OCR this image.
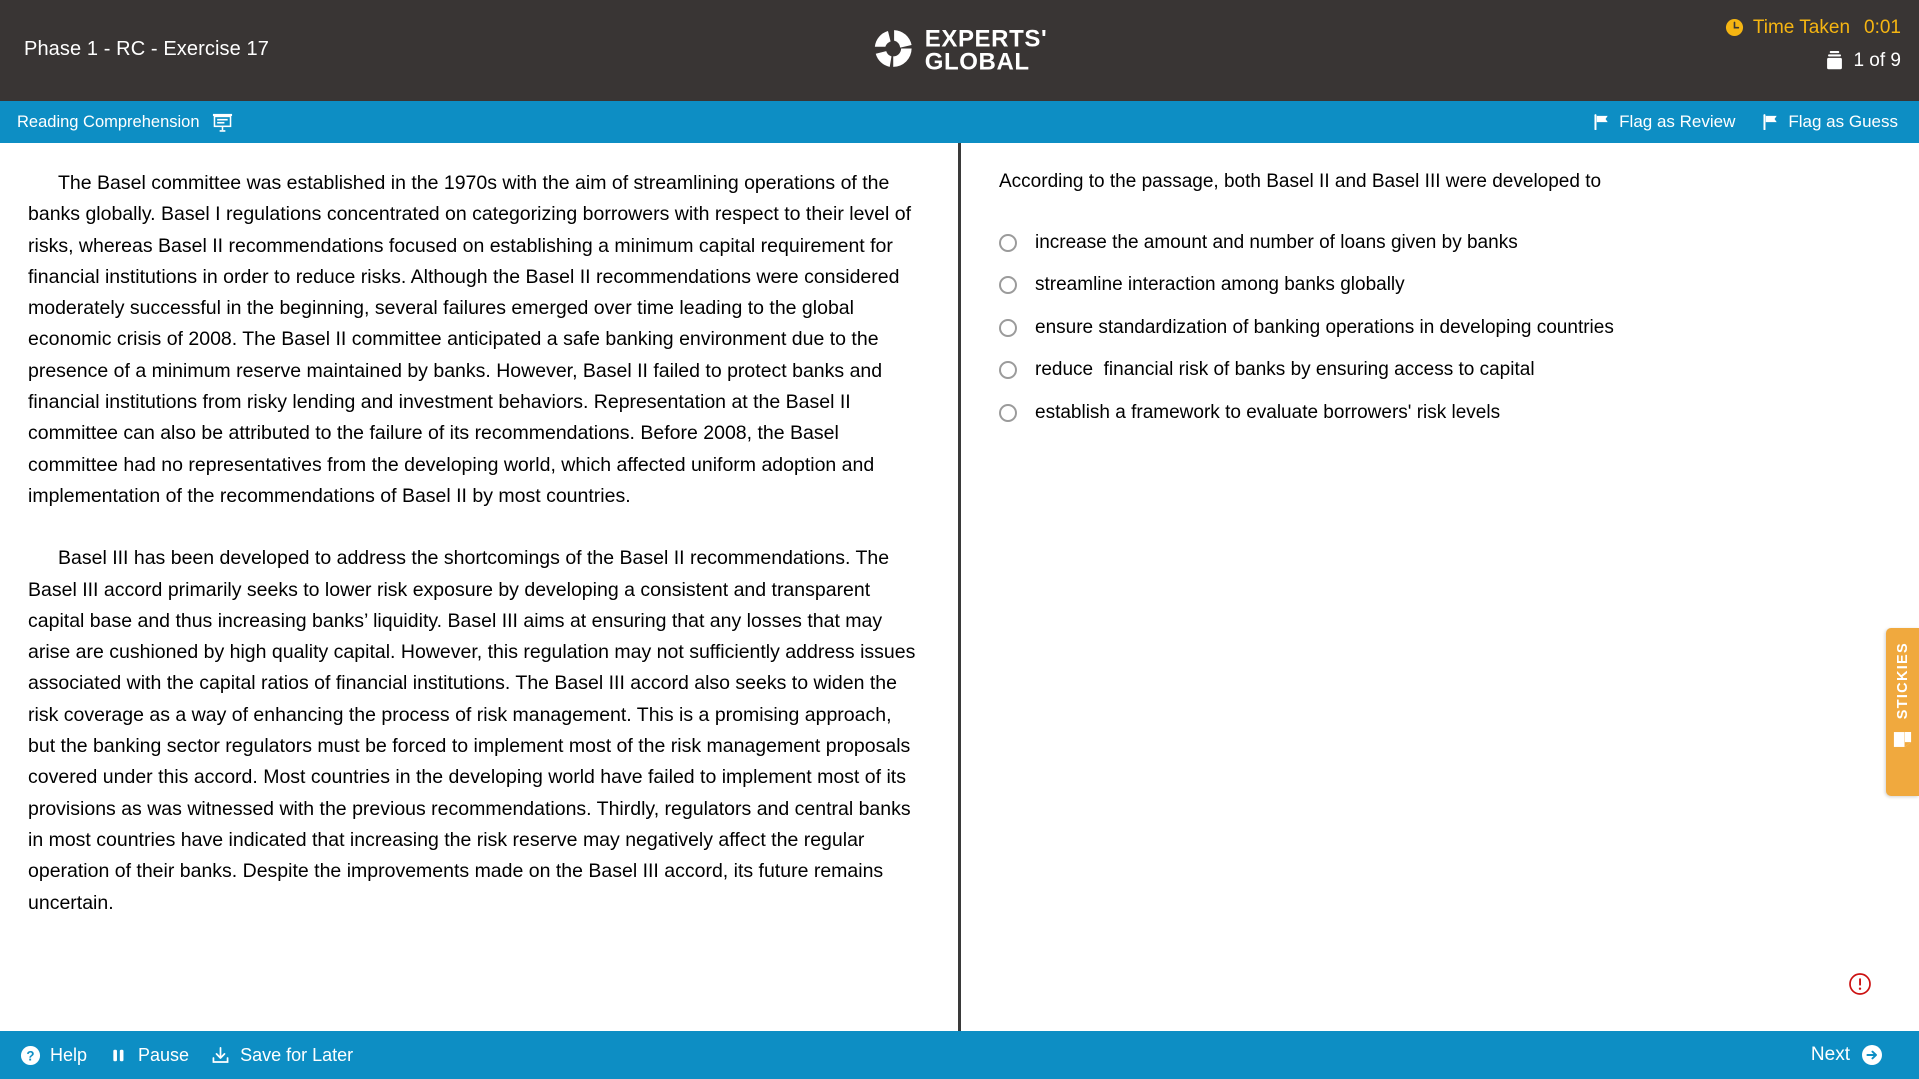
Phase 1 - RC - Exercise 17	EXPERTS'
GLOBAL
Time Taken 0:01
1 of 9
Reading Comprehension	Flag as Review	Flag as Guess

The Basel committee was established in the 1970s with the aim of streamlining operations of the banks globally. Basel I regulations concentrated on categorizing borrowers with respect to their level of risks, whereas Basel II recommendations focused on establishing a minimum capital requirement for financial institutions in order to reduce risks. Although the Basel II recommendations were considered moderately successful in the beginning, several failures emerged over time leading to the global economic crisis of 2008. The Basel II committee anticipated a safe banking environment due to the presence of a minimum reserve maintained by banks. However, Basel II failed to protect banks and financial institutions from risky lending and investment behaviors. Representation at the Basel II committee can also be attributed to the failure of its recommendations. Before 2008, the Basel committee had no representatives from the developing world, which affected uniform adoption and implementation of the recommendations of Basel II by most countries.

Basel III has been developed to address the shortcomings of the Basel II recommendations. The Basel III accord primarily seeks to lower risk exposure by developing a consistent and transparent capital base and thus increasing banks’ liquidity. Basel III aims at ensuring that any losses that may arise are cushioned by high quality capital. However, this regulation may not sufficiently address issues associated with the capital ratios of financial institutions. The Basel III accord also seeks to widen the risk coverage as a way of enhancing the process of risk management. This is a promising approach, but the banking sector regulators must be forced to implement most of the risk management proposals covered under this accord. Most countries in the developing world have failed to implement most of its provisions as was witnessed with the previous recommendations. Thirdly, regulators and central banks in most countries have indicated that increasing the risk reserve may negatively affect the regular operation of their banks. Despite the improvements made on the Basel III accord, its future remains uncertain.

According to the passage, both Basel II and Basel III were developed to
increase the amount and number of loans given by banks
streamline interaction among banks globally
ensure standardization of banking operations in developing countries
reduce  financial risk of banks by ensuring access to capital
establish a framework to evaluate borrowers' risk levels
STICKIES
? Help	Pause	Save for Later	Next
